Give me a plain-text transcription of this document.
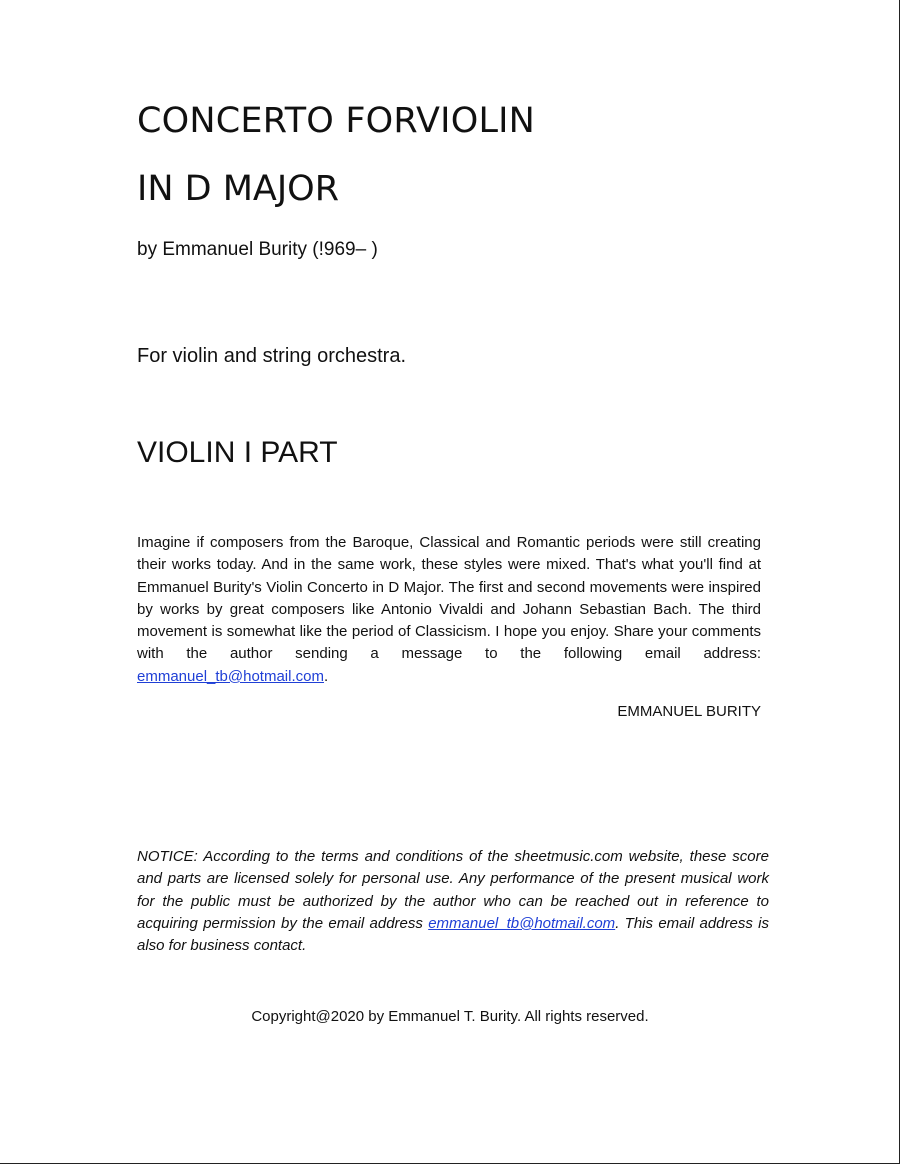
CONCERTO FORVIOLIN
IN D MAJOR
by Emmanuel Burity (!969– )
For violin and string orchestra.
VIOLIN I PART
Imagine if composers from the Baroque, Classical and Romantic periods were still creating their works today. And in the same work, these styles were mixed. That's what you'll find at Emmanuel Burity's Violin Concerto in D Major. The first and second movements were inspired by works by great composers like Antonio Vivaldi and Johann Sebastian Bach. The third movement is somewhat like the period of Classicism. I hope you enjoy. Share your comments with the author sending a message to the following email address: emmanuel_tb@hotmail.com.
EMMANUEL BURITY
NOTICE: According to the terms and conditions of the sheetmusic.com website, these score and parts are licensed solely for personal use. Any performance of the present musical work for the public must be authorized by the author who can be reached out in reference to acquiring permission by the email address emmanuel_tb@hotmail.com. This email address is also for business contact.
Copyright@2020 by Emmanuel T. Burity. All rights reserved.
